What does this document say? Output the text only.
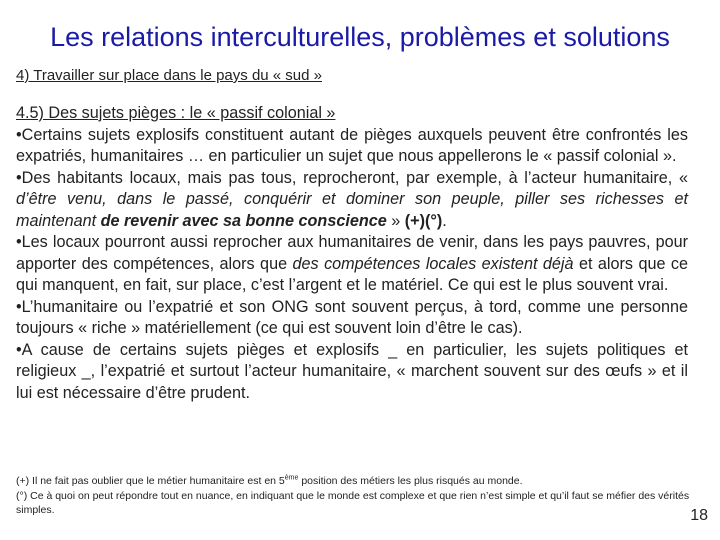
Les relations interculturelles, problèmes et solutions
4) Travailler sur place dans le pays du « sud »

4.5) Des sujets pièges : le « passif colonial »

•Certains sujets explosifs constituent autant de pièges auxquels peuvent être confrontés les expatriés, humanitaires … en particulier un sujet que nous appellerons le « passif colonial ».

•Des habitants locaux, mais pas tous, reprocheront, par exemple, à l’acteur humanitaire, « d’être venu, dans le passé, conquérir et dominer son peuple, piller ses richesses et maintenant de revenir avec sa bonne conscience » (+)(°).

•Les locaux pourront aussi reprocher aux humanitaires de venir, dans les pays pauvres, pour apporter des compétences, alors que des compétences locales existent déjà et alors que ce qui manquent, en fait, sur place, c’est l’argent et le matériel. Ce qui est le plus souvent vrai.

•L’humanitaire ou l’expatrié et son ONG sont souvent perçus, à tord, comme une personne toujours « riche » matériellement (ce qui est souvent loin d’être le cas).

•A cause de certains sujets pièges et explosifs _ en particulier, les sujets politiques et religieux _, l’expatrié et surtout l’acteur humanitaire, « marchent souvent sur des œufs » et il lui est nécessaire d’être prudent.

(+) Il ne fait pas oublier que le métier humanitaire est en 5ème position des métiers les plus risqués au monde.

(°) Ce à quoi on peut répondre tout en nuance, en indiquant que le monde est complexe et que rien n’est simple et qu’il faut se méfier des vérités simples.	18
